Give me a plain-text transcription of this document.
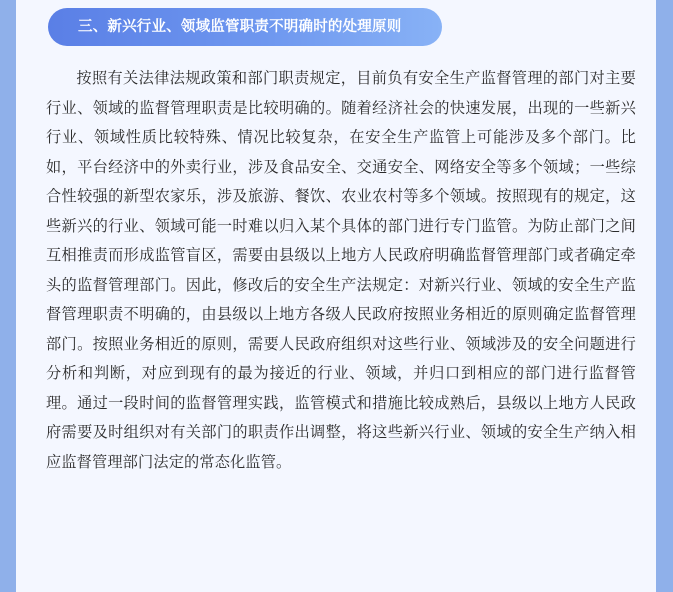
三、新兴行业、领域监管职责不明确时的处理原则

按照有关法律法规政策和部门职责规定，目前负有安全生产监督管理的部门对主要行业、领域的监督管理职责是比较明确的。随着经济社会的快速发展，出现的一些新兴行业、领域性质比较特殊、情况比较复杂，在安全生产监管上可能涉及多个部门。比如，平台经济中的外卖行业，涉及食品安全、交通安全、网络安全等多个领域；一些综合性较强的新型农家乐，涉及旅游、餐饮、农业农村等多个领域。按照现有的规定，这些新兴的行业、领域可能一时难以归入某个具体的部门进行专门监管。为防止部门之间互相推责而形成监管盲区，需要由县级以上地方人民政府明确监督管理部门或者确定牵头的监督管理部门。因此，修改后的安全生产法规定：对新兴行业、领域的安全生产监督管理职责不明确的，由县级以上地方各级人民政府按照业务相近的原则确定监督管理部门。按照业务相近的原则，需要人民政府组织对这些行业、领域涉及的安全问题进行分析和判断，对应到现有的最为接近的行业、领域，并归口到相应的部门进行监督管理。通过一段时间的监督管理实践，监管模式和措施比较成熟后，县级以上地方人民政府需要及时组织对有关部门的职责作出调整，将这些新兴行业、领域的安全生产纳入相应监督管理部门法定的常态化监管。
